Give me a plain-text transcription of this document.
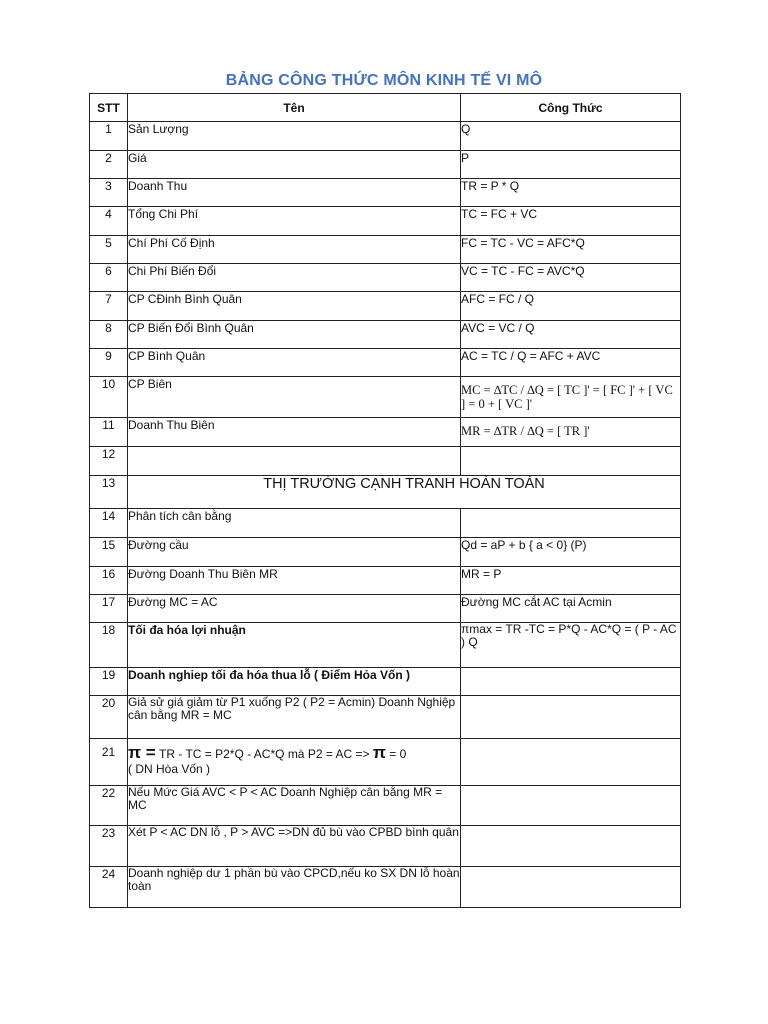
BẢNG CÔNG THỨC MÔN KINH TẾ VI MÔ
STT	Tên	Công Thức
1	Sản Lượng	Q
2	Giá	P
3	Doanh Thu	TR = P * Q
4	Tổng Chi Phí	TC = FC + VC
5	Chí Phí Cố Định	FC = TC - VC = AFC*Q
6	Chi Phí Biến Đổi	VC = TC - FC = AVC*Q
7	CP CĐinh Bình Quân	AFC = FC / Q
8	CP Biến Đổi Bình Quân	AVC = VC / Q
9	CP Bình Quân	AC = TC / Q = AFC + AVC
10	CP Biên	MC = ∆TC / ∆Q = [ TC ]' = [ FC ]' + [ VC ] = 0 + [ VC ]'
11	Doanh Thu Biên	MR = ∆TR / ∆Q = [ TR ]'
12		
13	THỊ TRƯỜNG CẠNH TRANH HOÀN TOÀN	
14	Phân tích cân bằng	
15	Đường cầu	Qd = aP + b { a < 0} (P)
16	Đường Doanh Thu Biên MR	MR = P
17	Đường MC = AC	Đường MC cắt AC tại Acmin
18	Tối đa hóa lợi nhuận	πmax = TR -TC = P*Q - AC*Q = ( P - AC ) Q
19	Doanh nghiep tối đa hóa thua lỗ ( Điểm Hỏa Vốn )	
20	Giả sử giá giảm từ P1 xuống P2 ( P2 = Acmin) Doanh Nghiệp cân bằng MR = MC	
21	π = TR - TC = P2*Q - AC*Q mà P2 = AC => π = 0
( DN Hòa Vốn )	
22	Nếu Mức Giá AVC < P < AC Doanh Nghiệp cân bằng MR = MC	
23	Xét P < AC DN lỗ , P > AVC =>DN đủ bù vào CPBD bình quân	
24	Doanh nghiệp dư 1 phần bù vào CPCD,nếu ko SX DN lỗ hoàn toàn	
